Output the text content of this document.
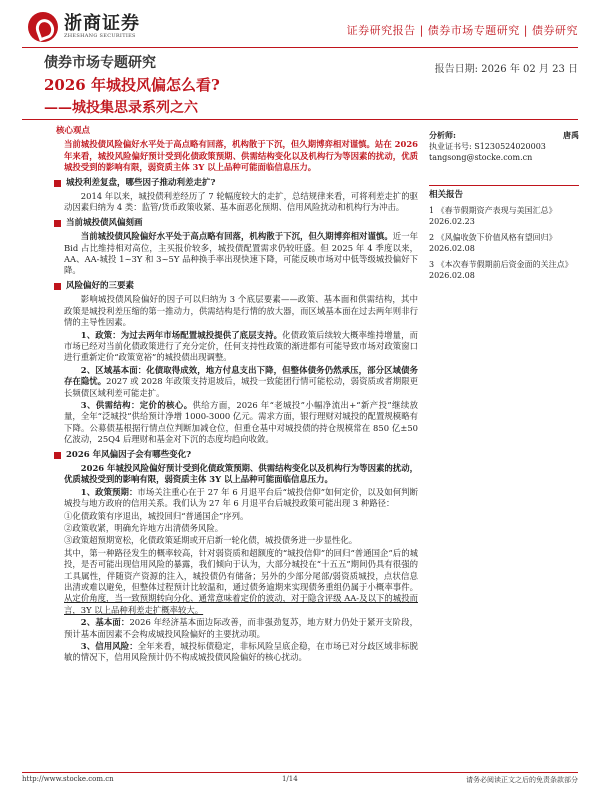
浙商证券
ZHESHANG SECURITIES	证券研究报告 | 债券市场专题研究 | 债券研究
债券市场专题研究	报告日期: 2026 年 02 月 23 日
2026 年城投风偏怎么看?
——城投集思录系列之六
核心观点

当前城投债风险偏好水平处于高点略有回落，机构散于下沉，但久期博弈相对谨慎。站在 2026 年来看，城投风险偏好预计受到化债政策预期、供需结构变化以及机构行为等因素的扰动，优质城投受到的影响有限，弱资质主体 3Y 以上品种可能面临信息压力。

城投利差复盘，哪些因子推动利差走扩?

2014 年以来，城投债利差经历了 7 轮幅度较大的走扩，总结规律来看，可将利差走扩的驱动因素归纳为 4 类：监管/货币政策收紧、基本面恶化预期、信用风险扰动和机构行为冲击。

当前城投债风偏刻画

当前城投债风险偏好水平处于高点略有回落，机构散于下沉，但久期博弈相对谨慎。近一年 Bid 占比维持相对高位，主买报价较多，城投债配置需求仍较旺盛。但 2025 年 4 季度以来，AA、AA-城投 1~3Y 和 3~5Y 品种换手率出现快速下降，可能反映市场对中低等级城投偏好下降。

风险偏好的三要素

影响城投债风险偏好的因子可以归纳为 3 个底层要素——政策、基本面和供需结构，其中政策是城投利差压缩的第一推动力，供需结构是行情的放大器，而区域基本面在过去两年则非行情的主导性因素。

1、政策：为过去两年市场配置城投提供了底层支持。化债政策后续较大概率维持增量，而市场已经对当前化债政策进行了充分定价，任何支持性政策的渐进都有可能导致市场对政策窗口进行重新定价“政策宽裕”的城投债出现调整。

2、区域基本面：化债取得成效，地方付息支出下降，但整体债务仍然承压，部分区域债务存在隐忧。2027 或 2028 年政策支持退坡后，城投一致能团行情可能松动，弱资质或者期限更长频债区域利差可能走扩。

3、供需结构：定价的核心。供给方面，2026 年“老城投”小幅净流出+“新产投”继续放量，全年“泛城投”供给预计净增 1000-3000 亿元。需求方面，银行理财对城投的配置规模略有下降。公募债基根据行情点位判断加减仓位，但重仓基中对城投债的持仓规模常在 850 亿±50 亿波动，25Q4 后理财和基金对下沉的态度均趋向收敛。

2026 年风偏因子会有哪些变化?

2026 年城投风险偏好预计受到化债政策预期、供需结构变化以及机构行为等因素的扰动，优质城投受到的影响有限，弱资质主体 3Y 以上品种可能面临信息压力。

1、政策预期：市场关注重心在于 27 年 6 月退平台后“城投信仰”如何定价，以及如何判断城投与地方政府的信用关系。我们认为 27 年 6 月退平台后城投政策可能出现 3 种路径：

①化债政策有序退出，城投回归“普通国企”序列。

②政策收紧，明确允许地方出清债务风险。

③政策超预期宽松，化债政策延期或开启新一轮化债，城投债务进一步显性化。

其中，第一种路径发生的概率较高，针对弱资质和超额度的“城投信仰”的回归“普通国企”后的城投，是否可能出现信用风险的暴露，我们倾向于认为，大部分城投在“十五五”期间仍具有很强的工具属性，伴随资产资源的注入，城投债仍有储备；另外的少部分尾部/弱资质城投，点状信息出清或难以避免，但整体过程预计比较温和，通过债务逾期来实现债务重组仍属于小概率事件。从定价角度，当一致预期转向分化、通常意味着定价的波动，对于隐含评级 AA-及以下的城投而言，3Y 以上品种利差走扩概率较大。

2、基本面：2026 年经济基本面边际改善，而非强劲复苏，地方财力仍处于紧开支阶段，预计基本面因素不会构成城投风险偏好的主要扰动项。

3、信用风险：全年来看，城投标债稳定，非标风险呈底企稳，在市场已对分歧区域非标脱敏的情况下，信用风险预计仍不构成城投债风险偏好的核心扰动。

分析师:	唐禹
执业证书号: S1230524020003
tangsong@stocke.com.cn
相关报告
1 《春节假期资产表现与美国汇总》 2026.02.23
2 《风偏收敛下价值风格有望回归》 2026.02.08
3 《本次春节假期前后资金面的关注点》 2026.02.08
http://www.stocke.com.cn	1/14	请务必阅读正文之后的免责条款部分
